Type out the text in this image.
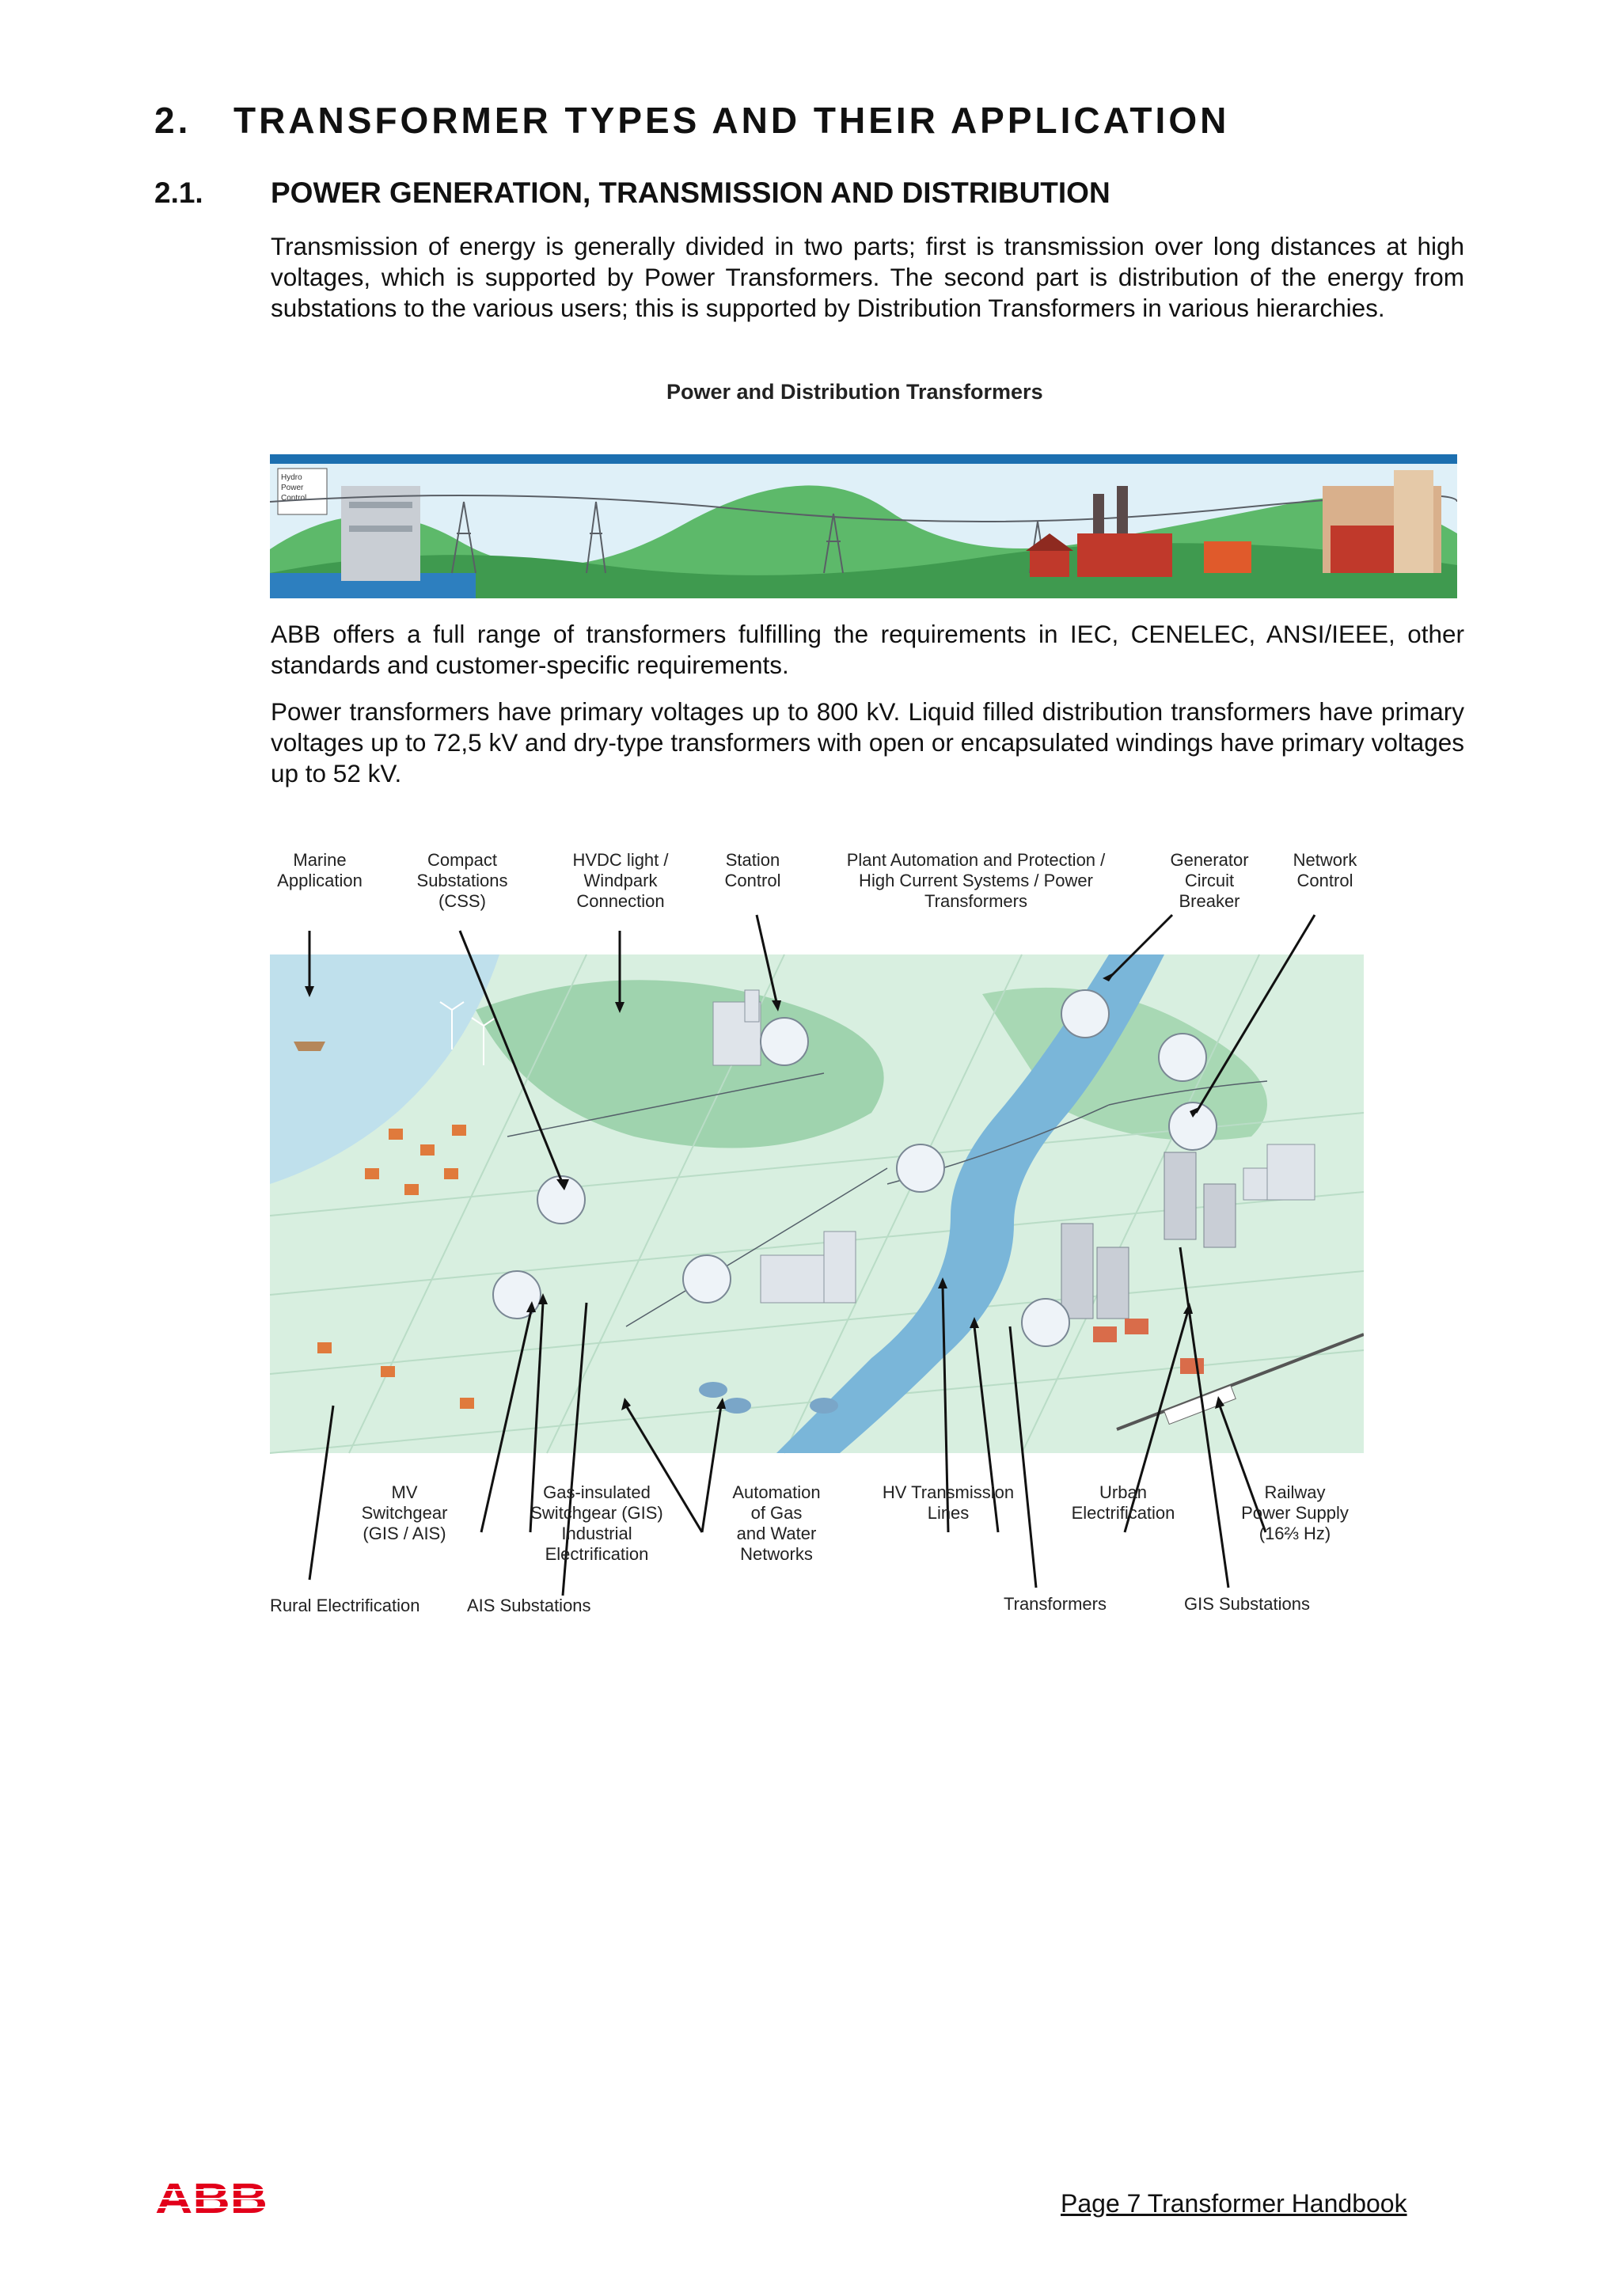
2. TRANSFORMER TYPES AND THEIR APPLICATION
2.1. POWER GENERATION, TRANSMISSION AND DISTRIBUTION
Transmission of energy is generally divided in two parts; first is transmission over long distances at high voltages, which is supported by Power Transformers. The second part is distribution of the energy from substations to the various users; this is supported by Distribution Transformers in various hierarchies.
Power and Distribution Transformers
Hydro
Power
Control
ABB offers a full range of transformers fulfilling the requirements in IEC, CENELEC, ANSI/IEEE, other standards and customer-specific requirements.
Power transformers have primary voltages up to 800 kV. Liquid filled distribution transformers have primary voltages up to 72,5 kV and dry-type transformers with open or encapsulated windings have primary voltages up to 52 kV.
Marine
Application
Compact
Substations
(CSS)
HVDC light /
Windpark
Connection
Station
Control
Plant Automation and Protection /
High Current Systems / Power
Transformers
Generator
Circuit
Breaker
Network
Control
MV
Switchgear
(GIS / AIS)
Gas-insulated
Switchgear (GIS)
Industrial
Electrification
Automation
of Gas
and Water
Networks
HV Transmission
Lines
Urban
Electrification
Railway
Power Supply
(16⅔ Hz)
Rural Electrification	AIS Substations	Transformers	GIS Substations
ABB	Page 7 Transformer Handbook
